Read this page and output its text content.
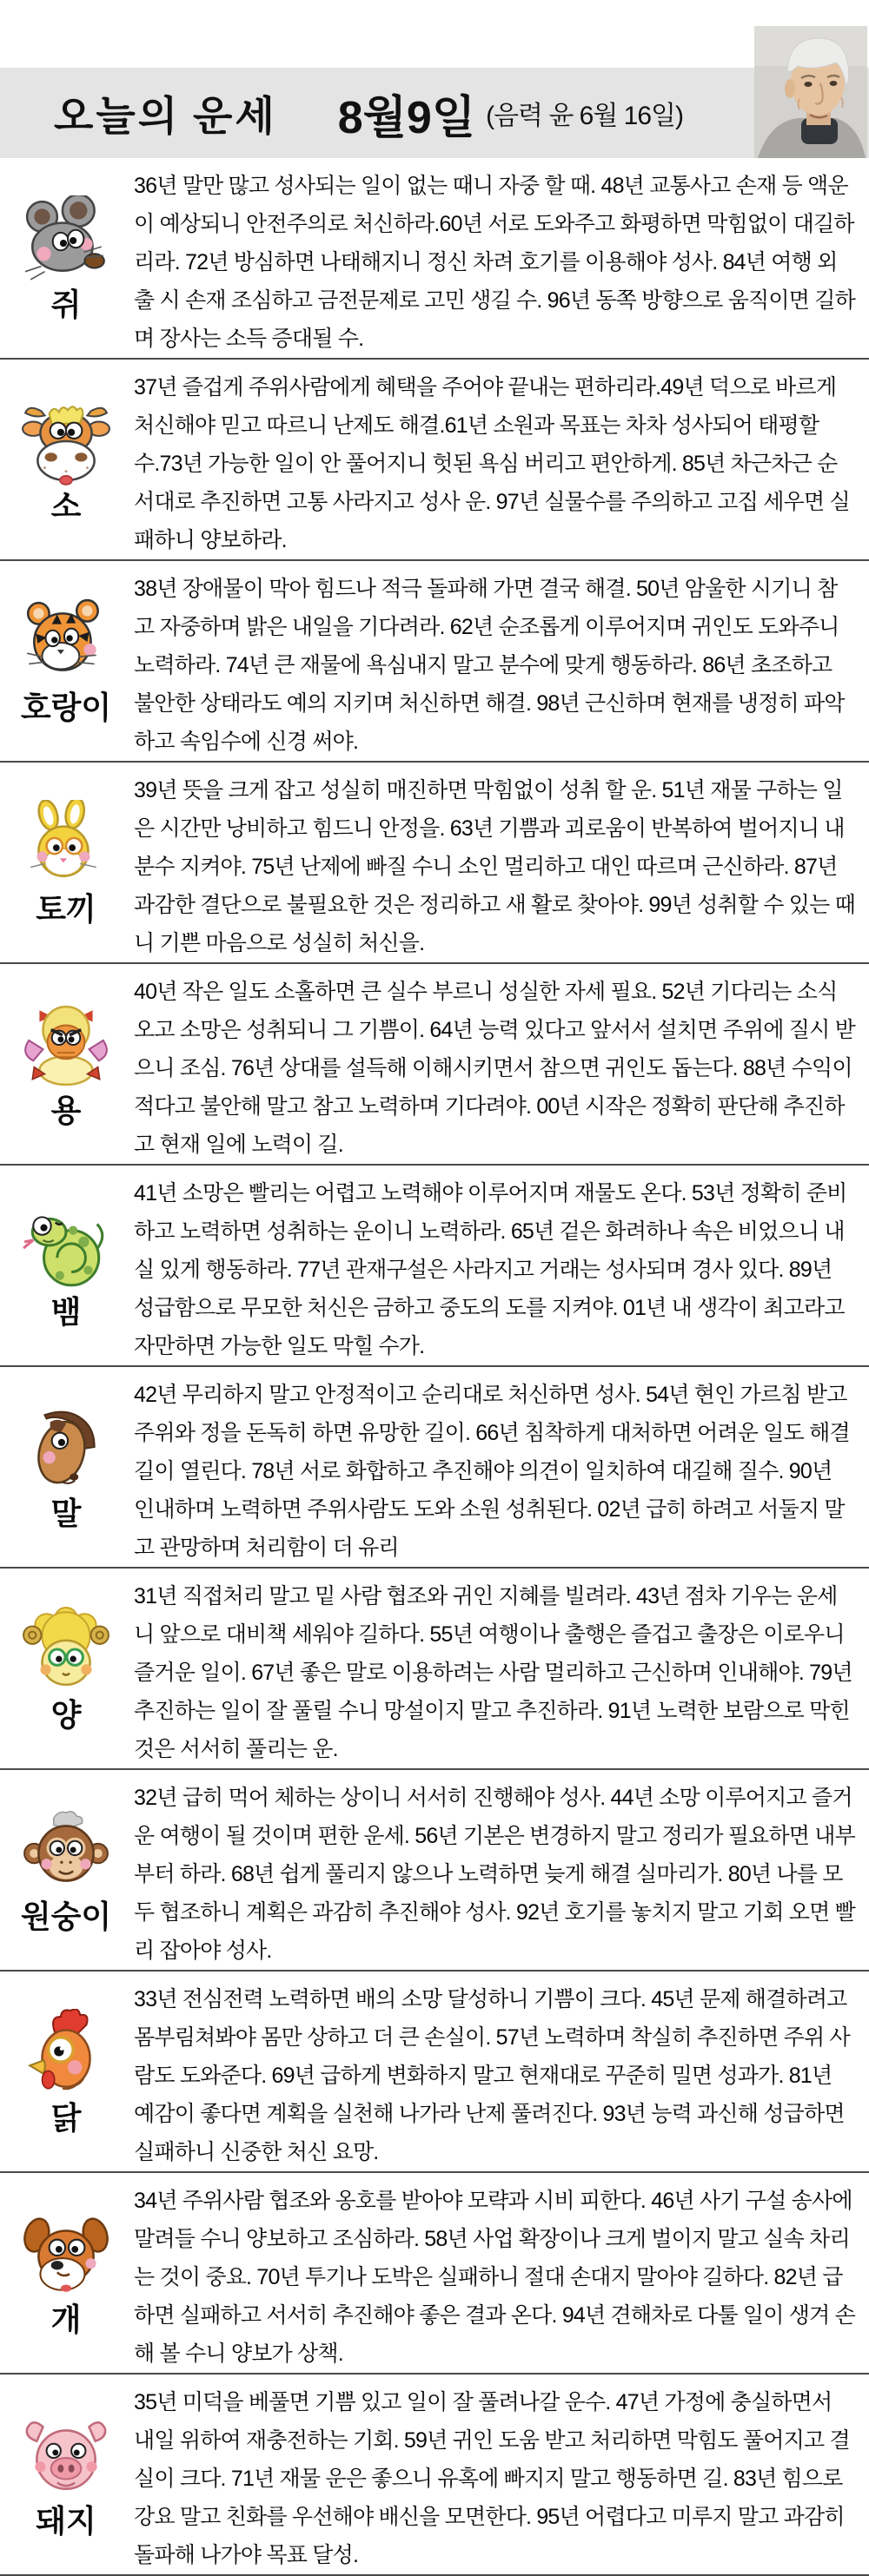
오늘의 운세 8월9일 (음력 윤 6월 16일)
쥐
36년 말만 많고 성사되는 일이 없는 때니 자중 할 때. 48년 교통사고 손재 등 액운이 예상되니 안전주의로 처신하라.60년 서로 도와주고 화평하면 막힘없이 대길하리라. 72년 방심하면 나태해지니 정신 차려 호기를 이용해야 성사. 84년 여행 외출 시 손재 조심하고 금전문제로 고민 생길 수. 96년 동쪽 방향으로 움직이면 길하며 장사는 소득 증대될 수.
소
37년 즐겁게 주위사람에게 혜택을 주어야 끝내는 편하리라.49년 덕으로 바르게 처신해야 믿고 따르니 난제도 해결.61년 소원과 목표는 차차 성사되어 태평할 수.73년 가능한 일이 안 풀어지니 헛된 욕심 버리고 편안하게. 85년 차근차근 순서대로 추진하면 고통 사라지고 성사 운. 97년 실물수를 주의하고 고집 세우면 실패하니 양보하라.
호랑이
38년 장애물이 막아 힘드나 적극 돌파해 가면 결국 해결. 50년 암울한 시기니 참고 자중하며 밝은 내일을 기다려라. 62년 순조롭게 이루어지며 귀인도 도와주니 노력하라. 74년 큰 재물에 욕심내지 말고 분수에 맞게 행동하라. 86년 초조하고 불안한 상태라도 예의 지키며 처신하면 해결. 98년 근신하며 현재를 냉정히 파악하고 속임수에 신경 써야.
토끼
39년 뜻을 크게 잡고 성실히 매진하면 막힘없이 성취 할 운. 51년 재물 구하는 일은 시간만 낭비하고 힘드니 안정을. 63년 기쁨과 괴로움이 반복하여 벌어지니 내 분수 지켜야. 75년 난제에 빠질 수니 소인 멀리하고 대인 따르며 근신하라. 87년 과감한 결단으로 불필요한 것은 정리하고 새 활로 찾아야. 99년 성취할 수 있는 때니 기쁜 마음으로 성실히 처신을.
용
40년 작은 일도 소홀하면 큰 실수 부르니 성실한 자세 필요. 52년 기다리는 소식 오고 소망은 성취되니 그 기쁨이. 64년 능력 있다고 앞서서 설치면 주위에 질시 받으니 조심. 76년 상대를 설득해 이해시키면서 참으면 귀인도 돕는다. 88년 수익이 적다고 불안해 말고 참고 노력하며 기다려야. 00년 시작은 정확히 판단해 추진하고 현재 일에 노력이 길.
뱀
41년 소망은 빨리는 어렵고 노력해야 이루어지며 재물도 온다. 53년 정확히 준비하고 노력하면 성취하는 운이니 노력하라. 65년 겉은 화려하나 속은 비었으니 내실 있게 행동하라. 77년 관재구설은 사라지고 거래는 성사되며 경사 있다. 89년 성급함으로 무모한 처신은 금하고 중도의 도를 지켜야. 01년 내 생각이 최고라고 자만하면 가능한 일도 막힐 수가.
말
42년 무리하지 말고 안정적이고 순리대로 처신하면 성사. 54년 현인 가르침 받고 주위와 정을 돈독히 하면 유망한 길이. 66년 침착하게 대처하면 어려운 일도 해결 길이 열린다. 78년 서로 화합하고 추진해야 의견이 일치하여 대길해 질수. 90년 인내하며 노력하면 주위사람도 도와 소원 성취된다. 02년 급히 하려고 서둘지 말고 관망하며 처리함이 더 유리
양
31년 직접처리 말고 밑 사람 협조와 귀인 지혜를 빌려라. 43년 점차 기우는 운세니 앞으로 대비책 세워야 길하다. 55년 여행이나 출행은 즐겁고 출장은 이로우니 즐거운 일이. 67년 좋은 말로 이용하려는 사람 멀리하고 근신하며 인내해야. 79년 추진하는 일이 잘 풀릴 수니 망설이지 말고 추진하라. 91년 노력한 보람으로 막힌 것은 서서히 풀리는 운.
원숭이
32년 급히 먹어 체하는 상이니 서서히 진행해야 성사. 44년 소망 이루어지고 즐거운 여행이 될 것이며 편한 운세. 56년 기본은 변경하지 말고 정리가 필요하면 내부부터 하라. 68년 쉽게 풀리지 않으나 노력하면 늦게 해결 실마리가. 80년 나를 모두 협조하니 계획은 과감히 추진해야 성사. 92년 호기를 놓치지 말고 기회 오면 빨리 잡아야 성사.
닭
33년 전심전력 노력하면 배의 소망 달성하니 기쁨이 크다. 45년 문제 해결하려고 몸부림쳐봐야 몸만 상하고 더 큰 손실이. 57년 노력하며 착실히 추진하면 주위 사람도 도와준다. 69년 급하게 변화하지 말고 현재대로 꾸준히 밀면 성과가. 81년 예감이 좋다면 계획을 실천해 나가라 난제 풀려진다. 93년 능력 과신해 성급하면 실패하니 신중한 처신 요망.
개
34년 주위사람 협조와 옹호를 받아야 모략과 시비 피한다. 46년 사기 구설 송사에 말려들 수니 양보하고 조심하라. 58년 사업 확장이나 크게 벌이지 말고 실속 차리는 것이 중요. 70년 투기나 도박은 실패하니 절대 손대지 말아야 길하다. 82년 급하면 실패하고 서서히 추진해야 좋은 결과 온다. 94년 견해차로 다툴 일이 생겨 손해 볼 수니 양보가 상책.
돼지
35년 미덕을 베풀면 기쁨 있고 일이 잘 풀려나갈 운수. 47년 가정에 충실하면서 내일 위하여 재충전하는 기회. 59년 귀인 도움 받고 처리하면 막힘도 풀어지고 결실이 크다. 71년 재물 운은 좋으니 유혹에 빠지지 말고 행동하면 길. 83년 힘으로 강요 말고 친화를 우선해야 배신을 모면한다. 95년 어렵다고 미루지 말고 과감히 돌파해 나가야 목표 달성.
